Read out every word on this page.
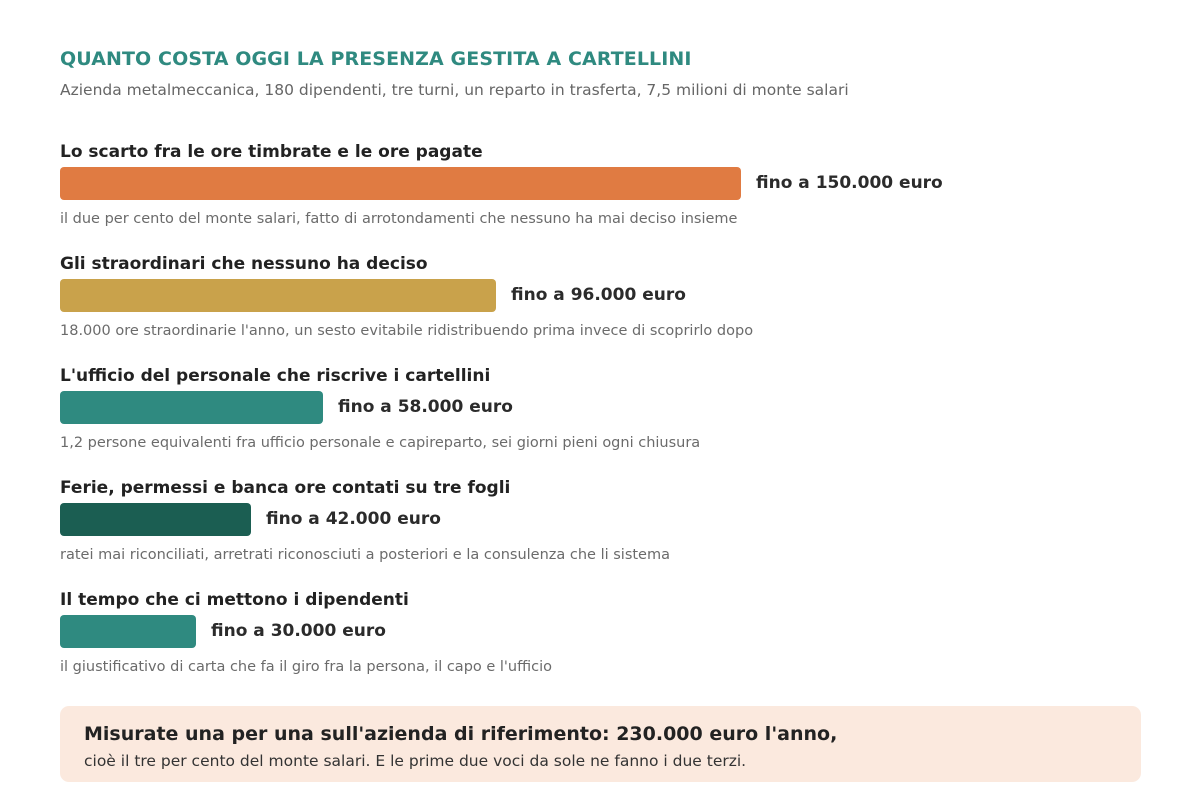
QUANTO COSTA OGGI LA PRESENZA GESTITA A CARTELLINI
Azienda metalmeccanica, 180 dipendenti, tre turni, un reparto in trasferta, 7,5 milioni di monte salari
Lo scarto fra le ore timbrate e le ore pagate
fino a 150.000 euro
il due per cento del monte salari, fatto di arrotondamenti che nessuno ha mai deciso insieme
Gli straordinari che nessuno ha deciso
fino a 96.000 euro
18.000 ore straordinarie l'anno, un sesto evitabile ridistribuendo prima invece di scoprirlo dopo
L'ufficio del personale che riscrive i cartellini
fino a 58.000 euro
1,2 persone equivalenti fra ufficio personale e capireparto, sei giorni pieni ogni chiusura
Ferie, permessi e banca ore contati su tre fogli
fino a 42.000 euro
ratei mai riconciliati, arretrati riconosciuti a posteriori e la consulenza che li sistema
Il tempo che ci mettono i dipendenti
fino a 30.000 euro
il giustificativo di carta che fa il giro fra la persona, il capo e l'ufficio
Misurate una per una sull'azienda di riferimento: 230.000 euro l'anno,
cioè il tre per cento del monte salari. E le prime due voci da sole ne fanno i due terzi.
